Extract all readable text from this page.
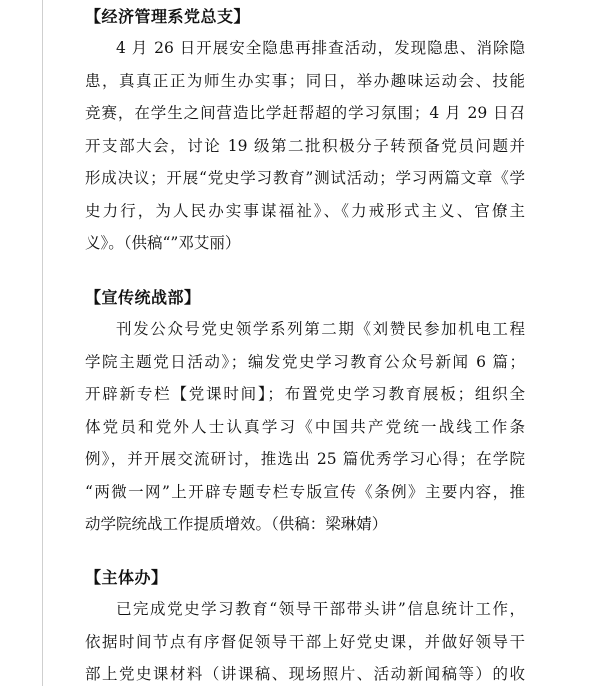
【经济管理系党总支】
4 月 26 日开展安全隐患再排查活动，发现隐患、消除隐
患，真真正正为师生办实事；同日，举办趣味运动会、技能
竞赛，在学生之间营造比学赶帮超的学习氛围；4 月 29 日召
开支部大会，讨论 19 级第二批积极分子转预备党员问题并
形成决议；开展“党史学习教育”测试活动；学习两篇文章《学
史力行，为人民办实事谋福祉》、《力戒形式主义、官僚主
义》。（供稿“”邓艾丽）
【宣传统战部】
刊发公众号党史领学系列第二期《刘赞民参加机电工程
学院主题党日活动》；编发党史学习教育公众号新闻 6 篇；
开辟新专栏【党课时间】；布置党史学习教育展板；组织全
体党员和党外人士认真学习《中国共产党统一战线工作条
例》，并开展交流研讨，推选出 25 篇优秀学习心得；在学院
“两微一网”上开辟专题专栏专版宣传《条例》主要内容，推
动学院统战工作提质增效。（供稿：梁琳婧）
【主体办】
已完成党史学习教育“领导干部带头讲”信息统计工作，
依据时间节点有序督促领导干部上好党史课，并做好领导干
部上党史课材料（讲课稿、现场照片、活动新闻稿等）的收
